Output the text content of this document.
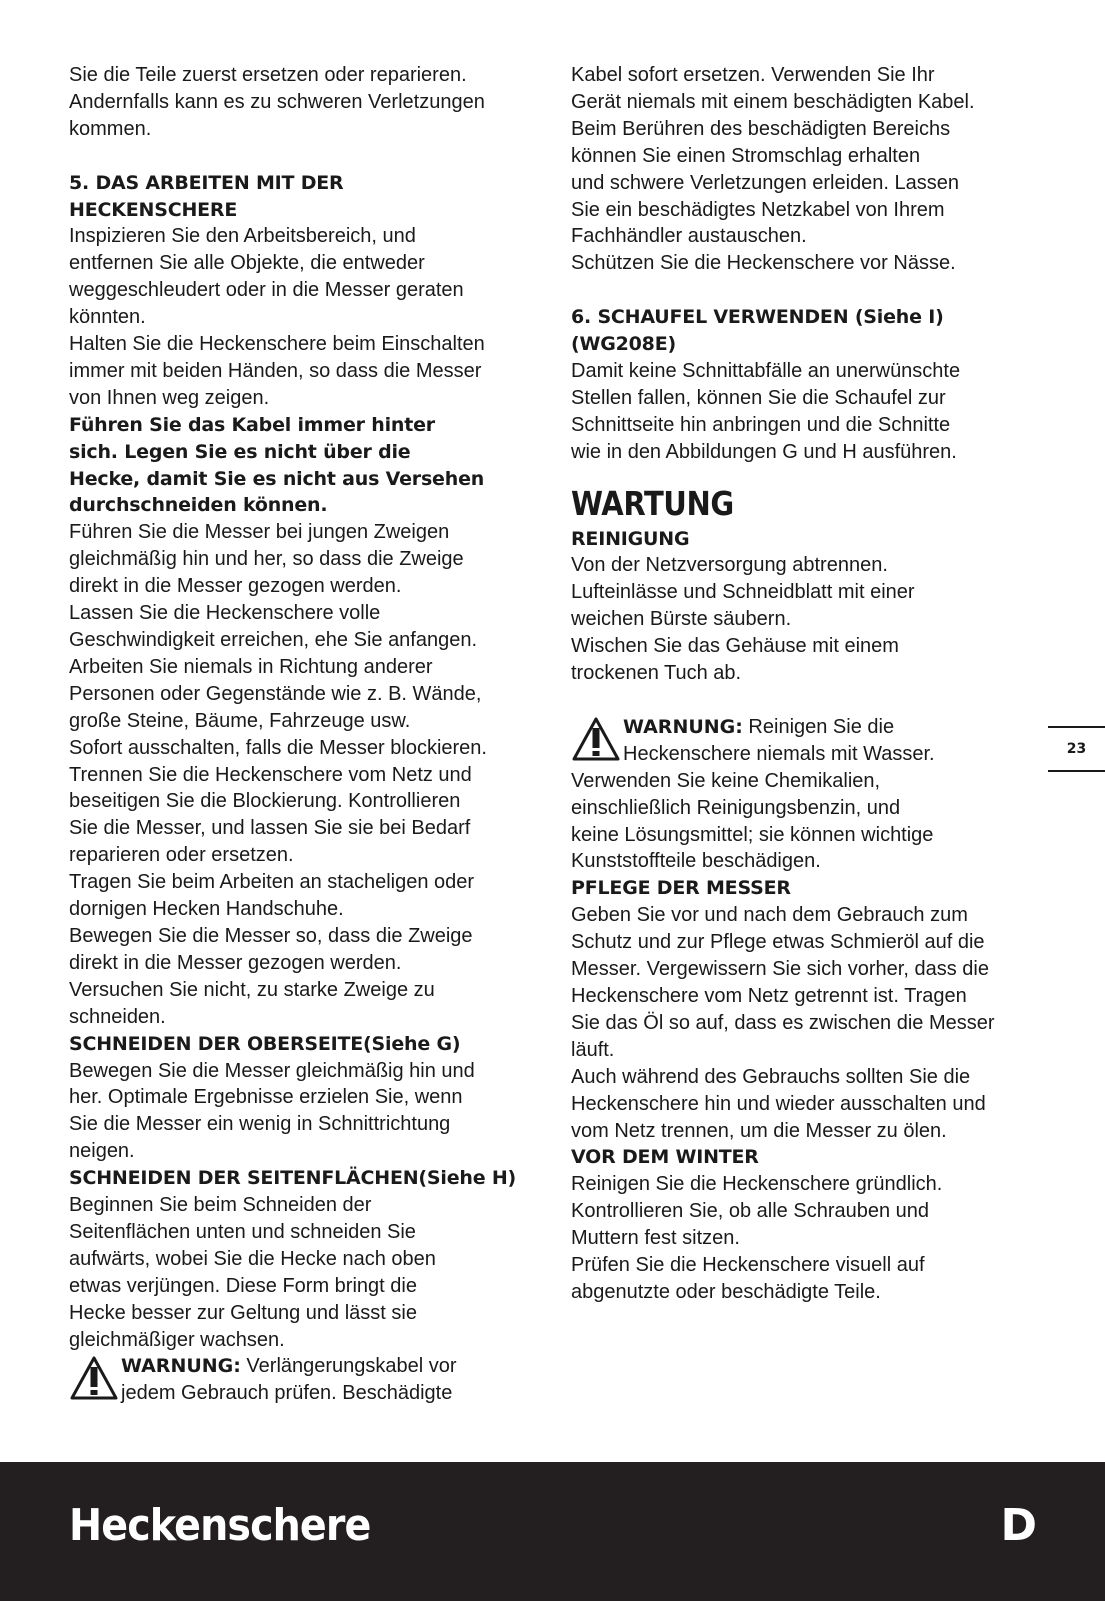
Sie die Teile zuerst ersetzen oder reparieren.

Andernfalls kann es zu schweren Verletzungen

kommen.

5. DAS ARBEITEN MIT DER

HECKENSCHERE

Inspizieren Sie den Arbeitsbereich, und

entfernen Sie alle Objekte, die entweder

weggeschleudert oder in die Messer geraten

könnten.

Halten Sie die Heckenschere beim Einschalten

immer mit beiden Händen, so dass die Messer

von Ihnen weg zeigen.

Führen Sie das Kabel immer hinter

sich. Legen Sie es nicht über die

Hecke, damit Sie es nicht aus Versehen

durchschneiden können.

Führen Sie die Messer bei jungen Zweigen

gleichmäßig hin und her, so dass die Zweige

direkt in die Messer gezogen werden.

Lassen Sie die Heckenschere volle

Geschwindigkeit erreichen, ehe Sie anfangen.

Arbeiten Sie niemals in Richtung anderer

Personen oder Gegenstände wie z. B. Wände,

große Steine, Bäume, Fahrzeuge usw.

Sofort ausschalten, falls die Messer blockieren.

Trennen Sie die Heckenschere vom Netz und

beseitigen Sie die Blockierung. Kontrollieren

Sie die Messer, und lassen Sie sie bei Bedarf

reparieren oder ersetzen.

Tragen Sie beim Arbeiten an stacheligen oder

dornigen Hecken Handschuhe.

Bewegen Sie die Messer so, dass die Zweige

direkt in die Messer gezogen werden.

Versuchen Sie nicht, zu starke Zweige zu

schneiden.

SCHNEIDEN DER OBERSEITE(Siehe G)

Bewegen Sie die Messer gleichmäßig hin und

her. Optimale Ergebnisse erzielen Sie, wenn

Sie die Messer ein wenig in Schnittrichtung

neigen.

SCHNEIDEN DER SEITENFLÄCHEN(Siehe H)

Beginnen Sie beim Schneiden der

Seitenflächen unten und schneiden Sie

aufwärts, wobei Sie die Hecke nach oben

etwas verjüngen. Diese Form bringt die

Hecke besser zur Geltung und lässt sie

gleichmäßiger wachsen.

WARNUNG: Verlängerungskabel vor

jedem Gebrauch prüfen. Beschädigte

Kabel sofort ersetzen. Verwenden Sie Ihr

Gerät niemals mit einem beschädigten Kabel.

Beim Berühren des beschädigten Bereichs

können Sie einen Stromschlag erhalten

und schwere Verletzungen erleiden. Lassen

Sie ein beschädigtes Netzkabel von Ihrem

Fachhändler austauschen.

Schützen Sie die Heckenschere vor Nässe.

6. SCHAUFEL VERWENDEN (Siehe I)

(WG208E)

Damit keine Schnittabfälle an unerwünschte

Stellen fallen, können Sie die Schaufel zur

Schnittseite hin anbringen und die Schnitte

wie in den Abbildungen G und H ausführen.

WARTUNG

REINIGUNG

Von der Netzversorgung abtrennen.

Lufteinlässe und Schneidblatt mit einer

weichen Bürste säubern.

Wischen Sie das Gehäuse mit einem

trockenen Tuch ab.

WARNUNG: Reinigen Sie die

Heckenschere niemals mit Wasser.

Verwenden Sie keine Chemikalien,

einschließlich Reinigungsbenzin, und

keine Lösungsmittel; sie können wichtige

Kunststoffteile beschädigen.

PFLEGE DER MESSER

Geben Sie vor und nach dem Gebrauch zum

Schutz und zur Pflege etwas Schmieröl auf die

Messer. Vergewissern Sie sich vorher, dass die

Heckenschere vom Netz getrennt ist. Tragen

Sie das Öl so auf, dass es zwischen die Messer

läuft.

Auch während des Gebrauchs sollten Sie die

Heckenschere hin und wieder ausschalten und

vom Netz trennen, um die Messer zu ölen.

VOR DEM WINTER

Reinigen Sie die Heckenschere gründlich.

Kontrollieren Sie, ob alle Schrauben und

Muttern fest sitzen.

Prüfen Sie die Heckenschere visuell auf

abgenutzte oder beschädigte Teile.

23
Heckenschere	D
